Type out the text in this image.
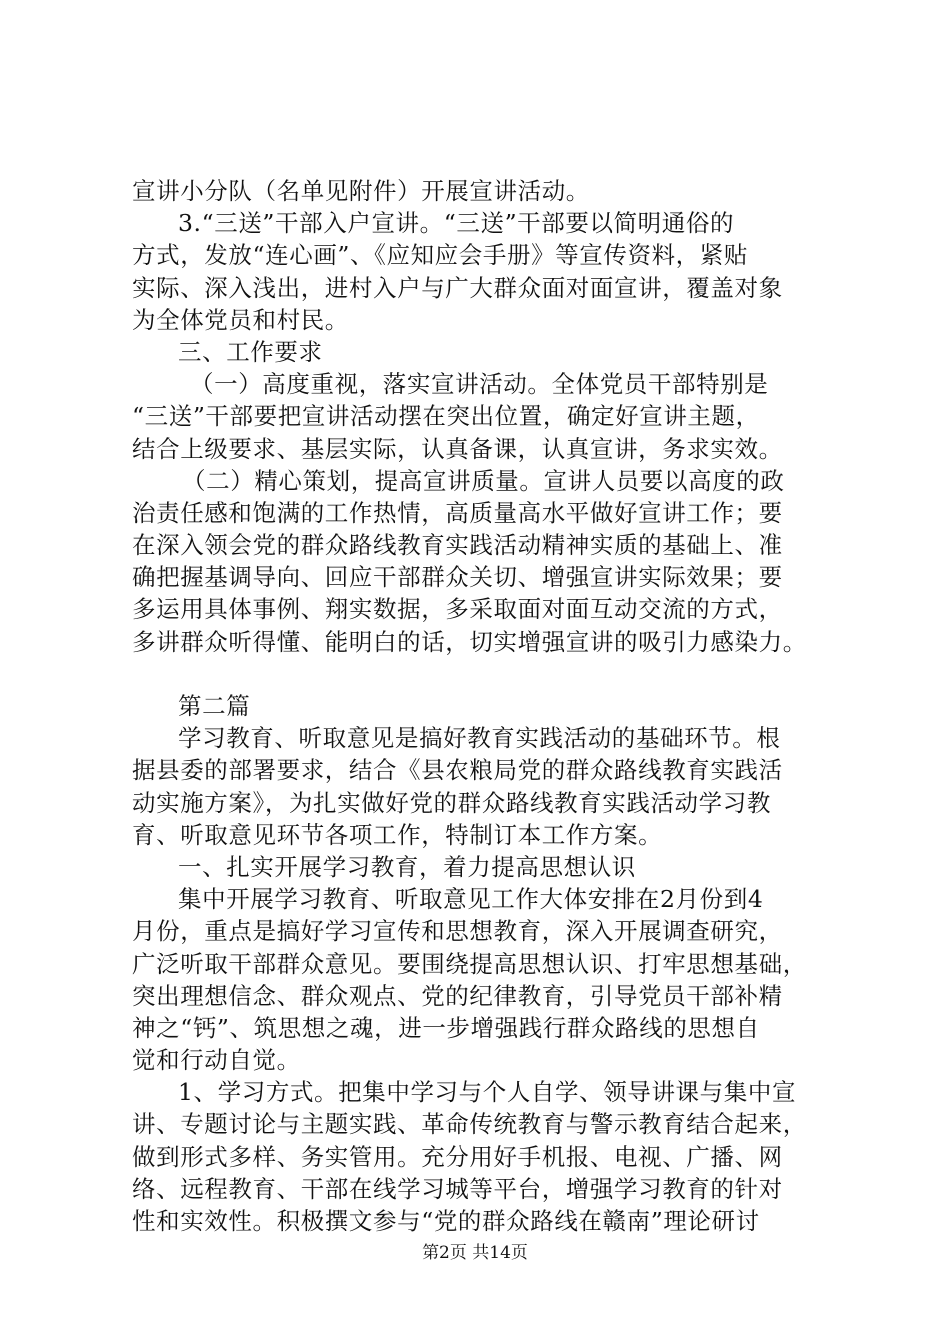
宣讲小分队（名单见附件）开展宣讲活动。
3.“三送”干部入户宣讲。“三送”干部要以简明通俗的
方式，发放“连心画”、《应知应会手册》等宣传资料，紧贴
实际、深入浅出，进村入户与广大群众面对面宣讲，覆盖对象
为全体党员和村民。
三、工作要求
（一）高度重视，落实宣讲活动。全体党员干部特别是
“三送”干部要把宣讲活动摆在突出位置，确定好宣讲主题，
结合上级要求、基层实际，认真备课，认真宣讲，务求实效。
（二）精心策划，提高宣讲质量。宣讲人员要以高度的政
治责任感和饱满的工作热情，高质量高水平做好宣讲工作；要
在深入领会党的群众路线教育实践活动精神实质的基础上、准
确把握基调导向、回应干部群众关切、增强宣讲实际效果；要
多运用具体事例、翔实数据，多采取面对面互动交流的方式，
多讲群众听得懂、能明白的话，切实增强宣讲的吸引力感染力。
第二篇
学习教育、听取意见是搞好教育实践活动的基础环节。根
据县委的部署要求，结合《县农粮局党的群众路线教育实践活
动实施方案》，为扎实做好党的群众路线教育实践活动学习教
育、听取意见环节各项工作，特制订本工作方案。
一、扎实开展学习教育，着力提高思想认识
集中开展学习教育、听取意见工作大体安排在2月份到4
月份，重点是搞好学习宣传和思想教育，深入开展调查研究，
广泛听取干部群众意见。要围绕提高思想认识、打牢思想基础，
突出理想信念、群众观点、党的纪律教育，引导党员干部补精
神之“钙”、筑思想之魂，进一步增强践行群众路线的思想自
觉和行动自觉。
1、学习方式。把集中学习与个人自学、领导讲课与集中宣
讲、专题讨论与主题实践、革命传统教育与警示教育结合起来，
做到形式多样、务实管用。充分用好手机报、电视、广播、网
络、远程教育、干部在线学习城等平台，增强学习教育的针对
性和实效性。积极撰文参与“党的群众路线在赣南”理论研讨
第2页 共14页
